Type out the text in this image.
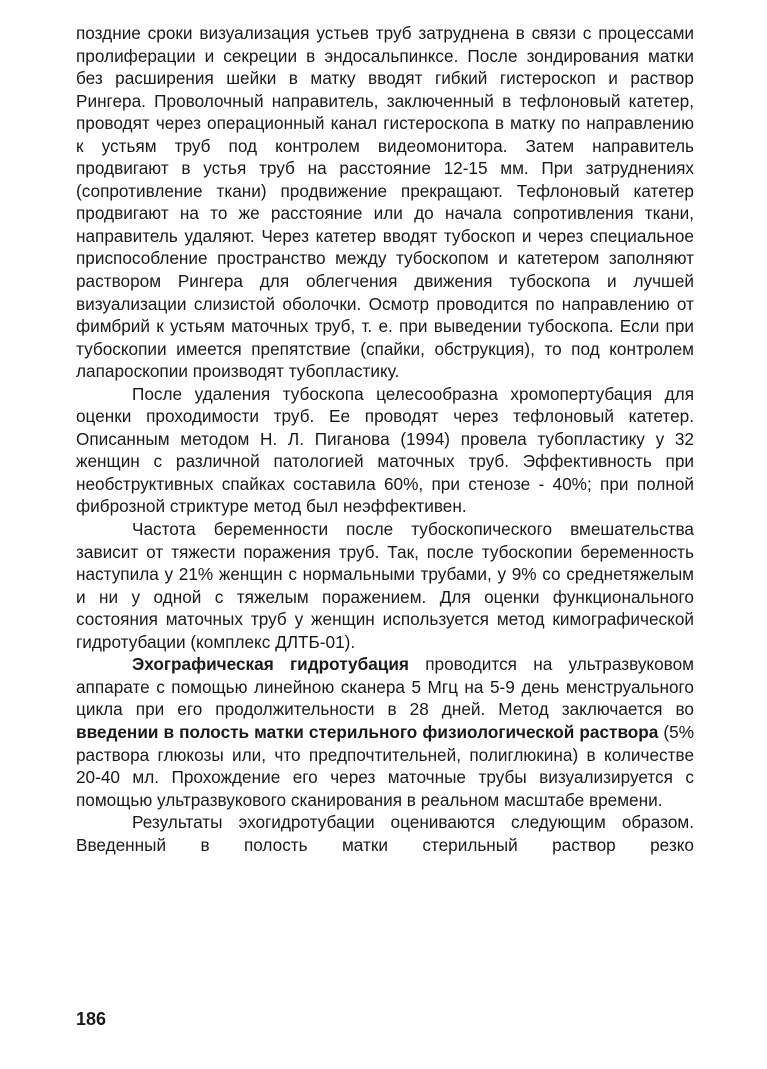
поздние сроки визуализация устьев труб затруднена в связи с процессами пролиферации и секреции в эндосальпинксе. После зондирования матки без расширения шейки в матку вводят гибкий гистероскоп и раствор Рингера. Проволочный направитель, заключенный в тефлоновый катетер, проводят через операционный канал гистероскопа в матку по направлению к устьям труб под контролем видеомонитора. Затем направитель продвигают в устья труб на расстояние 12-15 мм. При затруднениях (сопротивление ткани) продвижение прекращают. Тефлоновый катетер продвигают на то же расстояние или до начала сопротивления ткани, направитель удаляют. Через катетер вводят тубоскоп и через специальное приспособление пространство между тубоскопом и катетером заполняют раствором Рингера для облегчения движения тубоскопа и лучшей визуализации слизистой оболочки. Осмотр проводится по направлению от фимбрий к устьям маточных труб, т. е. при выведении тубоскопа. Если при тубоскопии имеется препятствие (спайки, обструкция), то под контролем лапароскопии производят тубопластику.

После удаления тубоскопа целесообразна хромопертубация для оценки проходимости труб. Ее проводят через тефлоновый катетер. Описанным методом Н. Л. Пиганова (1994) провела тубопластику у 32 женщин с различной патологией маточных труб. Эффективность при необструктивных спайках составила 60%, при стенозе - 40%; при полной фиброзной стриктуре метод был неэффективен.

Частота беременности после тубоскопического вмешательства зависит от тяжести поражения труб. Так, после тубоскопии беременность наступила у 21% женщин с нормальными трубами, у 9% со среднетяжелым и ни у одной с тяжелым поражением. Для оценки функционального состояния маточных труб у женщин используется метод кимографической гидротубации (комплекс ДЛТБ-01).

Эхографическая гидротубация проводится на ультразвуковом аппарате с помощью линейною сканера 5 Мгц на 5-9 день менструального цикла при его продолжительности в 28 дней. Метод заключается во введении в полость матки стерильного физиологической раствора (5% раствора глюкозы или, что предпочтительней, полиглюкина) в количестве 20-40 мл. Прохождение его через маточные трубы визуализируется с помощью ультразвукового сканирования в реальном масштабе времени.

Результаты эхогидротубации оцениваются следующим образом. Введенный в полость матки стерильный раствор резко

186
